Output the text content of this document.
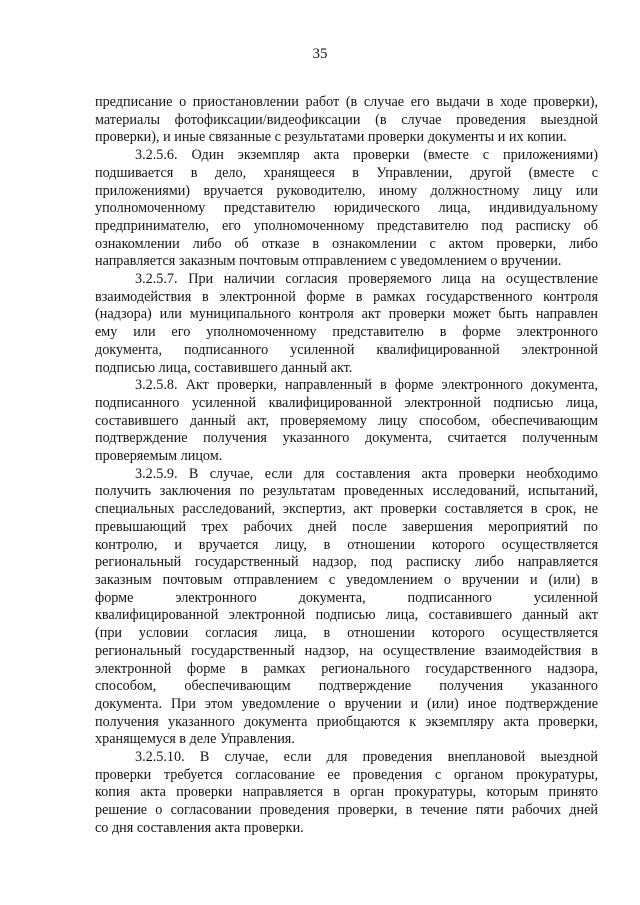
35
предписание о приостановлении работ (в случае его выдачи в ходе проверки),
материалы фотофиксации/видеофиксации (в случае проведения выездной
проверки), и иные связанные с результатами проверки документы и их копии.
3.2.5.6. Один экземпляр акта проверки (вместе с приложениями)
подшивается в дело, хранящееся в Управлении, другой (вместе с
приложениями) вручается руководителю, иному должностному лицу или
уполномоченному представителю юридического лица, индивидуальному
предпринимателю, его уполномоченному представителю под расписку об
ознакомлении либо об отказе в ознакомлении с актом проверки, либо
направляется заказным почтовым отправлением с уведомлением о вручении.
3.2.5.7. При наличии согласия проверяемого лица на осуществление
взаимодействия в электронной форме в рамках государственного контроля
(надзора) или муниципального контроля акт проверки может быть направлен
ему или его уполномоченному представителю в форме электронного
документа, подписанного усиленной квалифицированной электронной
подписью лица, составившего данный акт.
3.2.5.8. Акт проверки, направленный в форме электронного документа,
подписанного усиленной квалифицированной электронной подписью лица,
составившего данный акт, проверяемому лицу способом, обеспечивающим
подтверждение получения указанного документа, считается полученным
проверяемым лицом.
3.2.5.9. В случае, если для составления акта проверки необходимо
получить заключения по результатам проведенных исследований, испытаний,
специальных расследований, экспертиз, акт проверки составляется в срок, не
превышающий трех рабочих дней после завершения мероприятий по
контролю, и вручается лицу, в отношении которого осуществляется
региональный государственный надзор, под расписку либо направляется
заказным почтовым отправлением с уведомлением о вручении и (или) в
форме электронного документа, подписанного усиленной
квалифицированной электронной подписью лица, составившего данный акт
(при условии согласия лица, в отношении которого осуществляется
региональный государственный надзор, на осуществление взаимодействия в
электронной форме в рамках регионального государственного надзора,
способом, обеспечивающим подтверждение получения указанного
документа. При этом уведомление о вручении и (или) иное подтверждение
получения указанного документа приобщаются к экземпляру акта проверки,
хранящемуся в деле Управления.
3.2.5.10. В случае, если для проведения внеплановой выездной
проверки требуется согласование ее проведения с органом прокуратуры,
копия акта проверки направляется в орган прокуратуры, которым принято
решение о согласовании проведения проверки, в течение пяти рабочих дней
со дня составления акта проверки.
